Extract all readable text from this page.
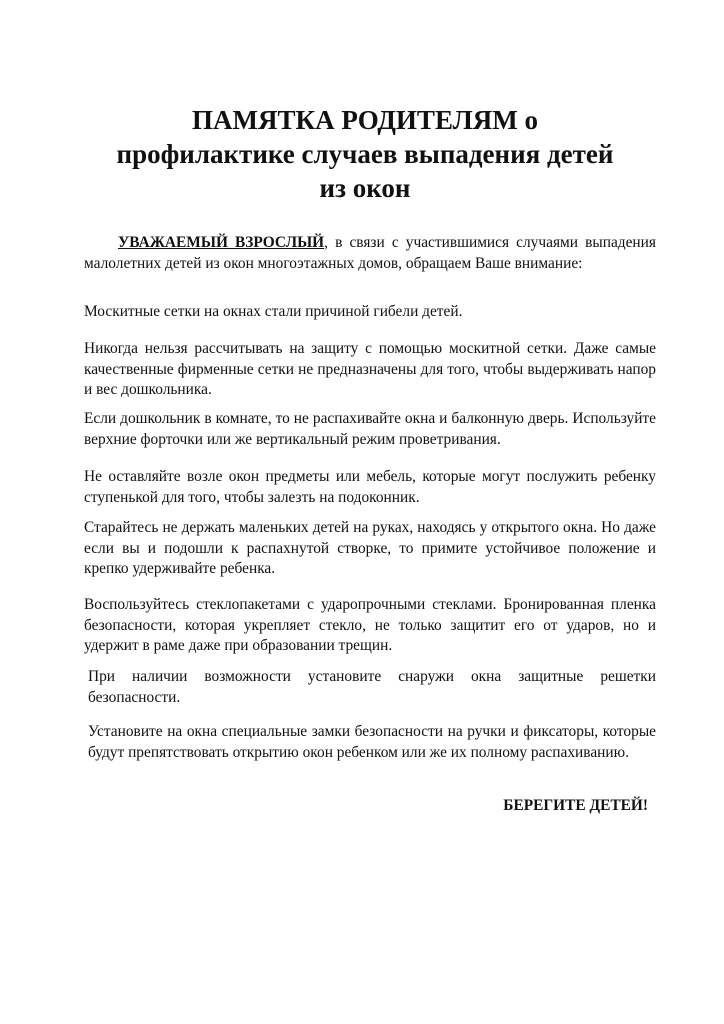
ПАМЯТКА РОДИТЕЛЯМ о
профилактике случаев выпадения детей
из окон

УВАЖАЕМЫЙ ВЗРОСЛЫЙ, в связи с участившимися случаями выпадения малолетних детей из окон многоэтажных домов, обращаем Ваше внимание:

Москитные сетки на окнах стали причиной гибели детей.

Никогда нельзя рассчитывать на защиту с помощью москитной сетки. Даже самые качественные фирменные сетки не предназначены для того, чтобы выдерживать напор и вес дошкольника.

Если дошкольник в комнате, то не распахивайте окна и балконную дверь. Используйте верхние форточки или же вертикальный режим проветривания.

Не оставляйте возле окон предметы или мебель, которые могут послужить ребенку ступенькой для того, чтобы залезть на подоконник.

Старайтесь не держать маленьких детей на руках, находясь у открытого окна. Но даже если вы и подошли к распахнутой створке, то примите устойчивое положение и крепко удерживайте ребенка.

Воспользуйтесь стеклопакетами с ударопрочными стеклами. Бронированная пленка безопасности, которая укрепляет стекло, не только защитит его от ударов, но и удержит в раме даже при образовании трещин.

При наличии возможности установите снаружи окна защитные решетки безопасности.

Установите на окна специальные замки безопасности на ручки и фиксаторы, которые будут препятствовать открытию окон ребенком или же их полному распахиванию.

БЕРЕГИТЕ ДЕТЕЙ!
